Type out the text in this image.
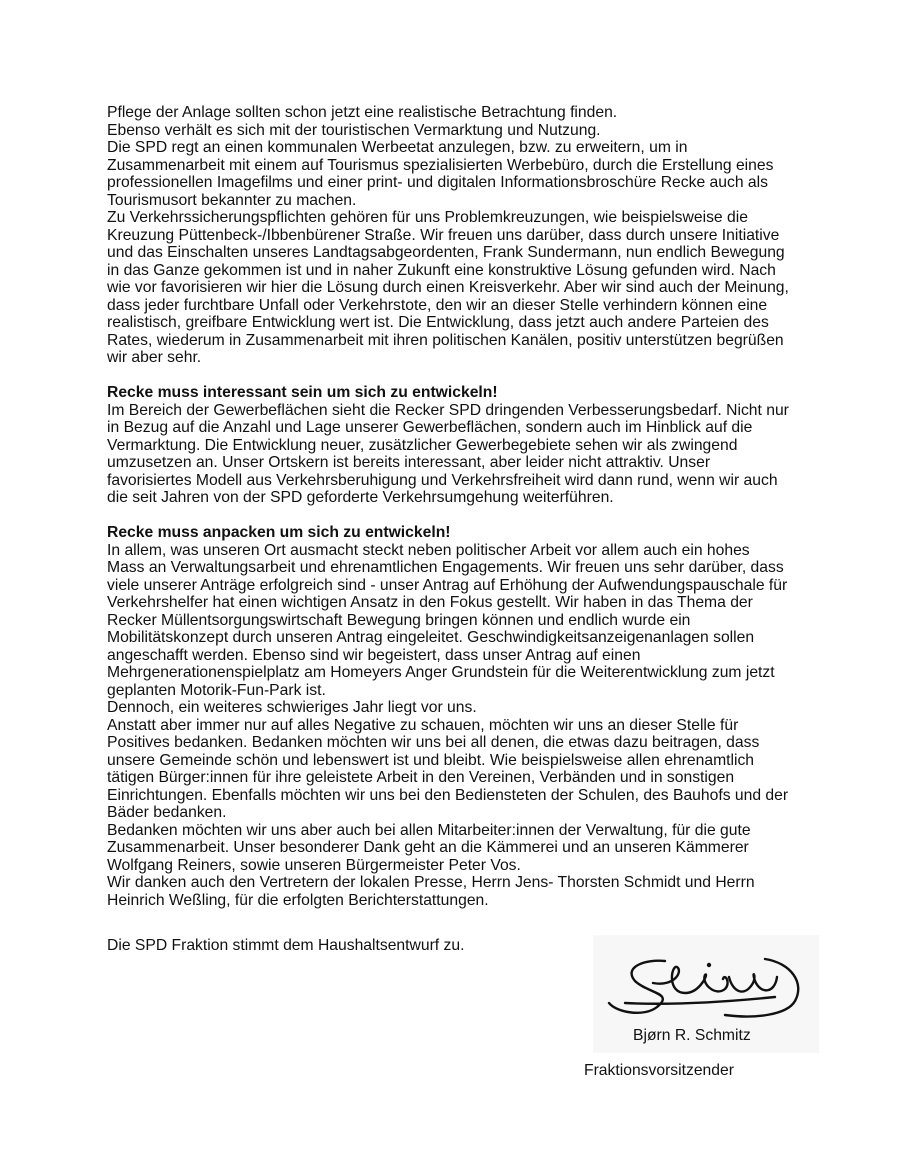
Pflege der Anlage sollten schon jetzt eine realistische Betrachtung finden.
Ebenso verhält es sich mit der touristischen Vermarktung und Nutzung.
Die SPD regt an einen kommunalen Werbeetat anzulegen, bzw. zu erweitern, um in
Zusammenarbeit mit einem auf Tourismus spezialisierten Werbebüro, durch die Erstellung eines
professionellen Imagefilms und einer print- und digitalen Informationsbroschüre Recke auch als
Tourismusort bekannter zu machen.
Zu Verkehrssicherungspflichten gehören für uns Problemkreuzungen, wie beispielsweise die
Kreuzung Püttenbeck-/Ibbenbürener Straße. Wir freuen uns darüber, dass durch unsere Initiative
und das Einschalten unseres Landtagsabgeordenten, Frank Sundermann, nun endlich Bewegung
in das Ganze gekommen ist und in naher Zukunft eine konstruktive Lösung gefunden wird. Nach
wie vor favorisieren wir hier die Lösung durch einen Kreisverkehr. Aber wir sind auch der Meinung,
dass jeder furchtbare Unfall oder Verkehrstote, den wir an dieser Stelle verhindern können eine
realistisch, greifbare Entwicklung wert ist. Die Entwicklung, dass jetzt auch andere Parteien des
Rates, wiederum in Zusammenarbeit mit ihren politischen Kanälen, positiv unterstützen begrüßen
wir aber sehr.
Recke muss interessant sein um sich zu entwickeln!
Im Bereich der Gewerbeflächen sieht die Recker SPD dringenden Verbesserungsbedarf. Nicht nur
in Bezug auf die Anzahl und Lage unserer Gewerbeflächen, sondern auch im Hinblick auf die
Vermarktung. Die Entwicklung neuer, zusätzlicher Gewerbegebiete sehen wir als zwingend
umzusetzen an. Unser Ortskern ist bereits interessant, aber leider nicht attraktiv. Unser
favorisiertes Modell aus Verkehrsberuhigung und Verkehrsfreiheit wird dann rund, wenn wir auch
die seit Jahren von der SPD geforderte Verkehrsumgehung weiterführen.
Recke muss anpacken um sich zu entwickeln!
In allem, was unseren Ort ausmacht steckt neben politischer Arbeit vor allem auch ein hohes
Mass an Verwaltungsarbeit und ehrenamtlichen Engagements. Wir freuen uns sehr darüber, dass
viele unserer Anträge erfolgreich sind - unser Antrag auf Erhöhung der Aufwendungspauschale für
Verkehrshelfer hat einen wichtigen Ansatz in den Fokus gestellt. Wir haben in das Thema der
Recker Müllentsorgungswirtschaft Bewegung bringen können und endlich wurde ein
Mobilitätskonzept durch unseren Antrag eingeleitet. Geschwindigkeitsanzeigenanlagen sollen
angeschafft werden. Ebenso sind wir begeistert, dass unser Antrag auf einen
Mehrgenerationenspielplatz am Homeyers Anger Grundstein für die Weiterentwicklung zum jetzt
geplanten Motorik-Fun-Park ist.
Dennoch, ein weiteres schwieriges Jahr liegt vor uns.
Anstatt aber immer nur auf alles Negative zu schauen, möchten wir uns an dieser Stelle für
Positives bedanken. Bedanken möchten wir uns bei all denen, die etwas dazu beitragen, dass
unsere Gemeinde schön und lebenswert ist und bleibt. Wie beispielsweise allen ehrenamtlich
tätigen Bürger:innen für ihre geleistete Arbeit in den Vereinen, Verbänden und in sonstigen
Einrichtungen. Ebenfalls möchten wir uns bei den Bediensteten der Schulen, des Bauhofs und der
Bäder bedanken.
Bedanken möchten wir uns aber auch bei allen Mitarbeiter:innen der Verwaltung, für die gute
Zusammenarbeit. Unser besonderer Dank geht an die Kämmerei und an unseren Kämmerer
Wolfgang Reiners, sowie unseren Bürgermeister Peter Vos.
Wir danken auch den Vertretern der lokalen Presse, Herrn Jens- Thorsten Schmidt und Herrn
Heinrich Weßling, für die erfolgten Berichterstattungen.
Die SPD Fraktion stimmt dem Haushaltsentwurf zu.
Bjørn R. Schmitz
Fraktionsvorsitzender
